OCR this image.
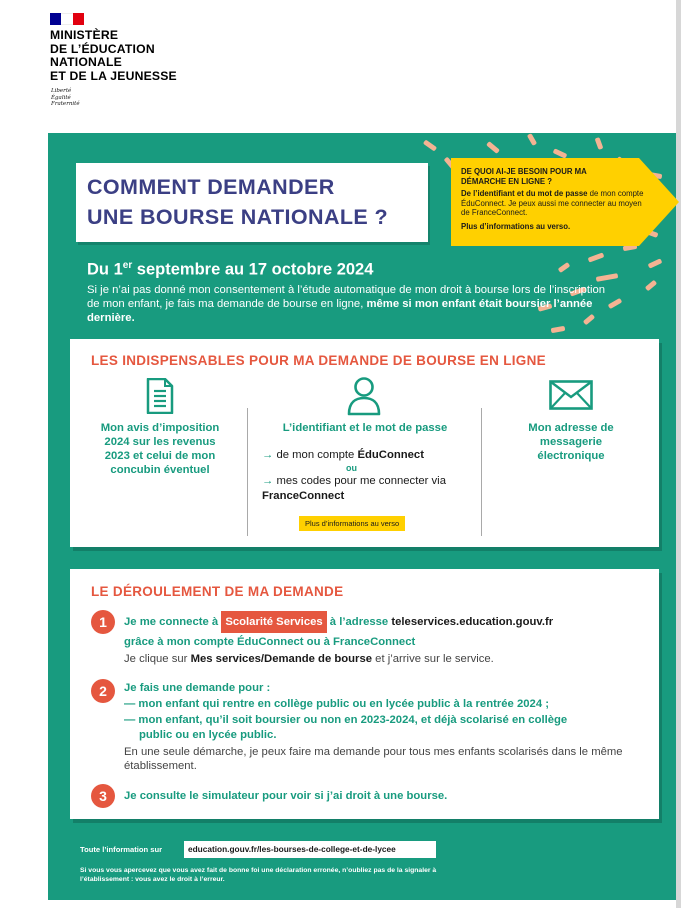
MINISTÈRE
DE L’ÉDUCATION
NATIONALE
ET DE LA JEUNESSE
Liberté
Égalité
Fraternité
COMMENT DEMANDER
UNE BOURSE NATIONALE ?
DE QUOI AI-JE BESOIN POUR MA DÉMARCHE EN LIGNE ?
De l’identifiant et du mot de passe de mon compte ÉduConnect. Je peux aussi me connecter au moyen de FranceConnect.
Plus d’informations au verso.
Du 1er septembre au 17 octobre 2024
Si je n’ai pas donné mon consentement à l’étude automatique de mon droit à bourse lors de l’inscription de mon enfant, je fais ma demande de bourse en ligne, même si mon enfant était boursier l’année dernière.
LES INDISPENSABLES POUR MA DEMANDE DE BOURSE EN LIGNE
Mon avis d’imposition 2024 sur les revenus 2023 et celui de mon concubin éventuel
L’identifiant et le mot de passe
→ de mon compte ÉduConnect
ou
→ mes codes pour me connecter via FranceConnect
Plus d’informations au verso
Mon adresse de messagerie électronique
LE DÉROULEMENT DE MA DEMANDE
1	Je me connecte à Scolarité Services à l’adresse teleservices.education.gouv.fr
grâce à mon compte ÉduConnect ou à FranceConnect
Je clique sur Mes services/Demande de bourse et j’arrive sur le service.
2	Je fais une demande pour :
— mon enfant qui rentre en collège public ou en lycée public à la rentrée 2024 ;
— mon enfant, qu’il soit boursier ou non en 2023-2024, et déjà scolarisé en collège
public ou en lycée public.
En une seule démarche, je peux faire ma demande pour tous mes enfants scolarisés dans le même établissement.
3	Je consulte le simulateur pour voir si j’ai droit à une bourse.
Toute l’information sur	education.gouv.fr/les-bourses-de-college-et-de-lycee
Si vous vous apercevez que vous avez fait de bonne foi une déclaration erronée, n’oubliez pas de la signaler à l’établissement : vous avez le droit à l’erreur.
